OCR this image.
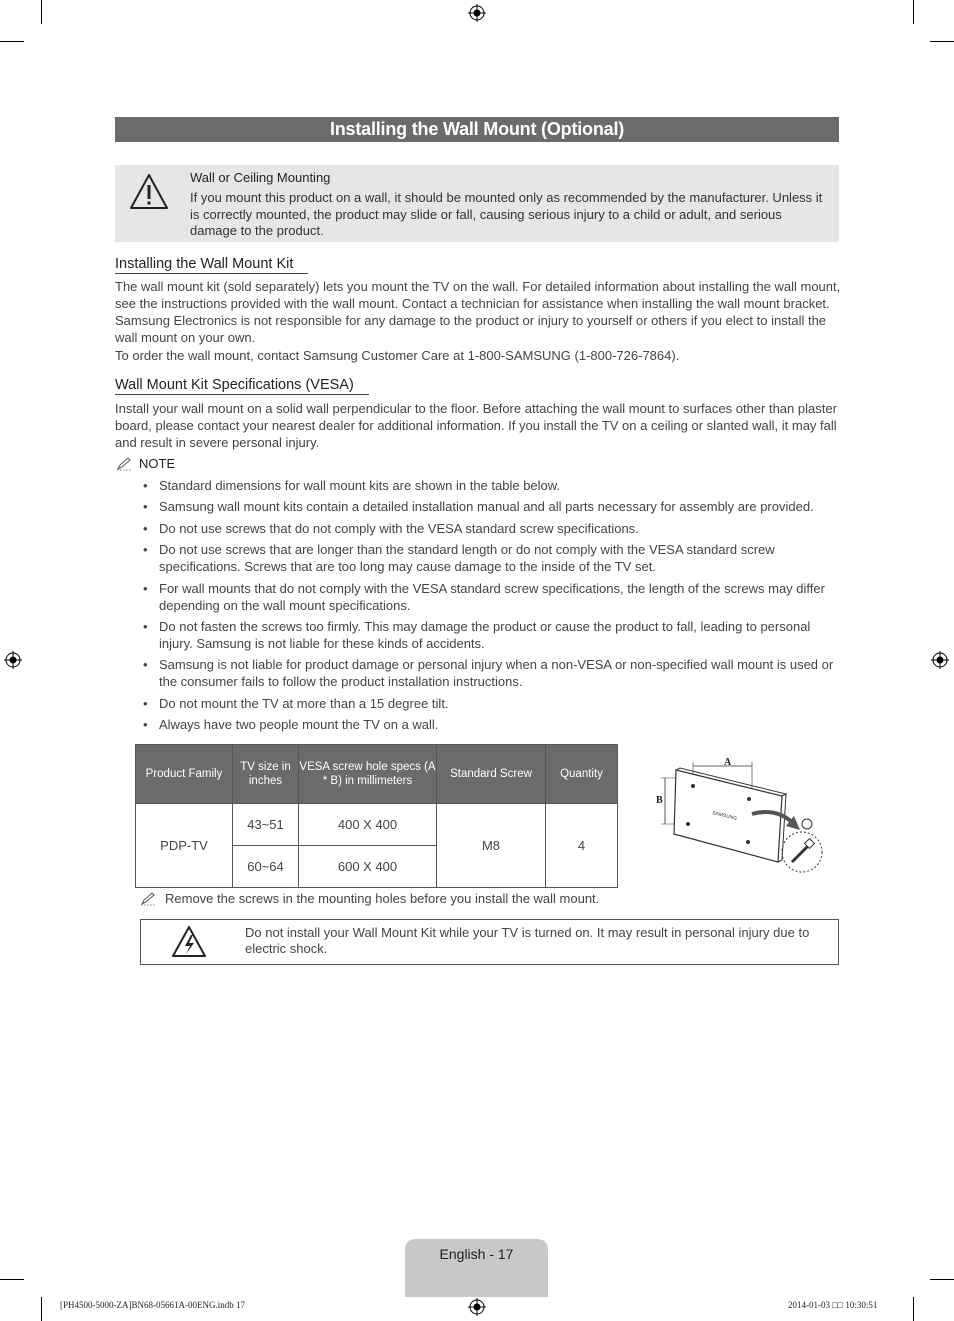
Installing the Wall Mount (Optional)
Wall or Ceiling Mounting
If you mount this product on a wall, it should be mounted only as recommended by the manufacturer. Unless it is correctly mounted, the product may slide or fall, causing serious injury to a child or adult, and serious damage to the product.
Installing the Wall Mount Kit
The wall mount kit (sold separately) lets you mount the TV on the wall. For detailed information about installing the wall mount, see the instructions provided with the wall mount. Contact a technician for assistance when installing the wall mount bracket. Samsung Electronics is not responsible for any damage to the product or injury to yourself or others if you elect to install the wall mount on your own.
To order the wall mount, contact Samsung Customer Care at 1-800-SAMSUNG (1-800-726-7864).
Wall Mount Kit Specifications (VESA)
Install your wall mount on a solid wall perpendicular to the floor. Before attaching the wall mount to surfaces other than plaster board, please contact your nearest dealer for additional information. If you install the TV on a ceiling or slanted wall, it may fall and result in severe personal injury.
NOTE
• Standard dimensions for wall mount kits are shown in the table below.
• Samsung wall mount kits contain a detailed installation manual and all parts necessary for assembly are provided.
• Do not use screws that do not comply with the VESA standard screw specifications.
• Do not use screws that are longer than the standard length or do not comply with the VESA standard screw specifications. Screws that are too long may cause damage to the inside of the TV set.
• For wall mounts that do not comply with the VESA standard screw specifications, the length of the screws may differ depending on the wall mount specifications.
• Do not fasten the screws too firmly. This may damage the product or cause the product to fall, leading to personal injury. Samsung is not liable for these kinds of accidents.
• Samsung is not liable for product damage or personal injury when a non-VESA or non-specified wall mount is used or the consumer fails to follow the product installation instructions.
• Do not mount the TV at more than a 15 degree tilt.
• Always have two people mount the TV on a wall.
Product Family	TV size in inches	VESA screw hole specs (A * B) in millimeters	Standard Screw	Quantity
PDP-TV	43~51	400 X 400	M8	4
	60~64	600 X 400		
A
B
SAMSUNG
Remove the screws in the mounting holes before you install the wall mount.
Do not install your Wall Mount Kit while your TV is turned on. It may result in personal injury due to electric shock.
English - 17
[PH4500-5000-ZA]BN68-05661A-00ENG.indb 17	2014-01-03 □□ 10:30:51
